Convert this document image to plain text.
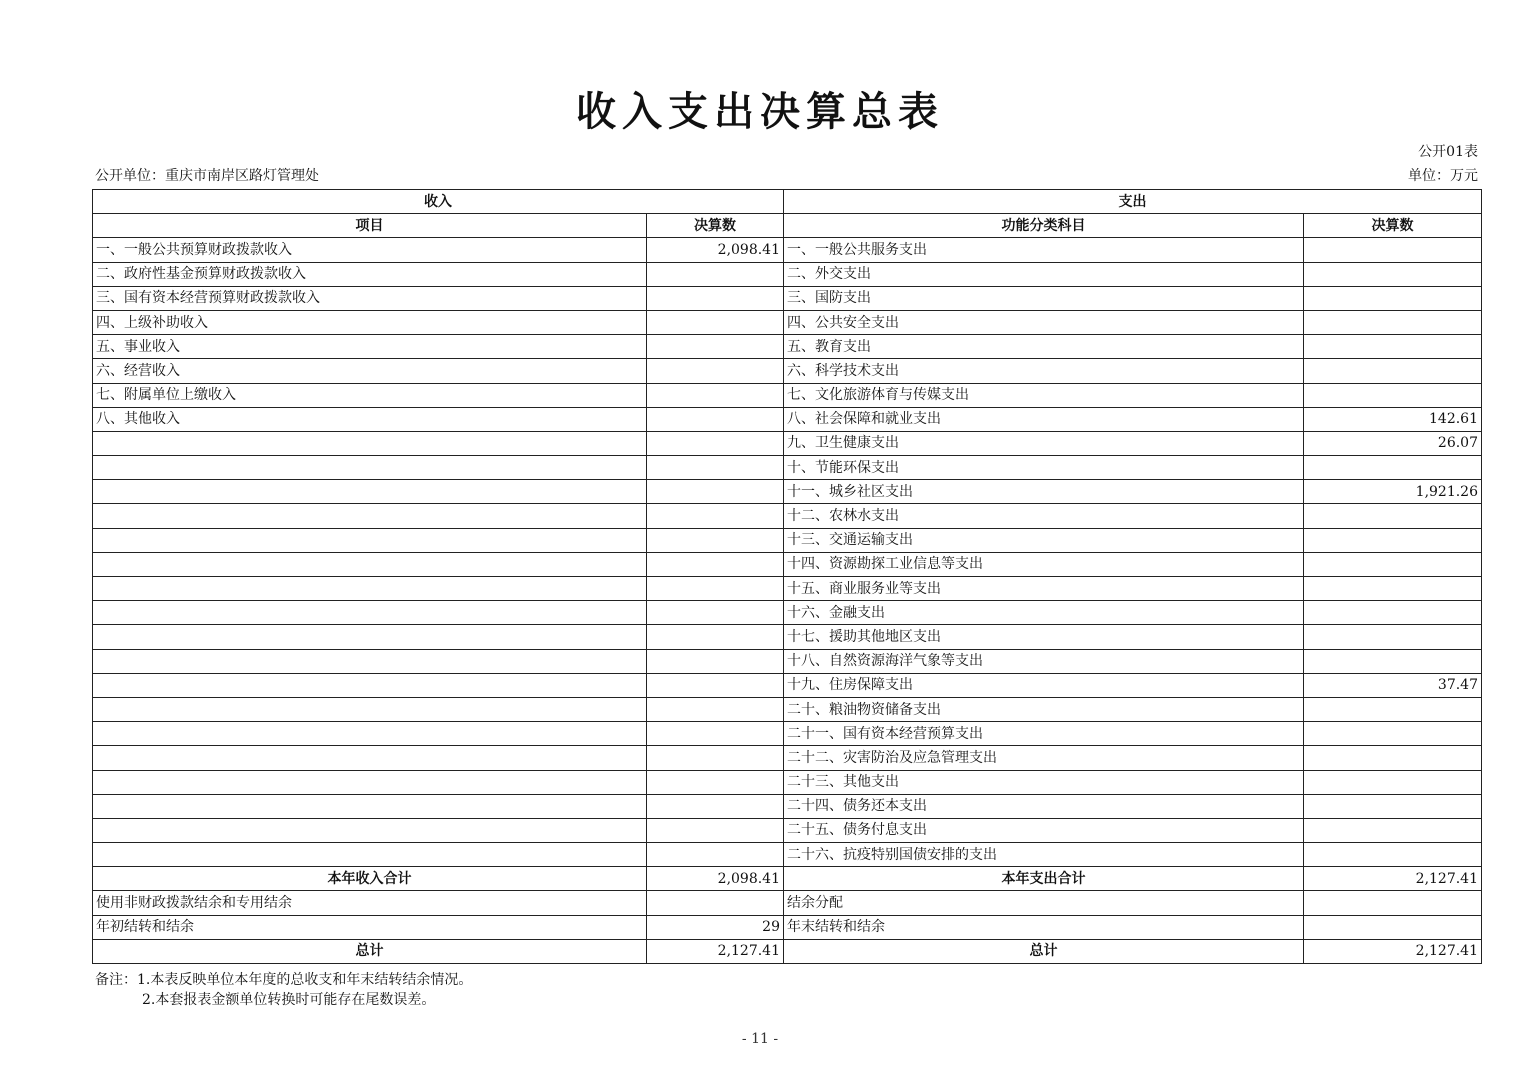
收入支出决算总表
公开01表
公开单位：重庆市南岸区路灯管理处	单位：万元
收入		支出	
项目	决算数	功能分类科目	决算数
一、一般公共预算财政拨款收入	2,098.41	一、一般公共服务支出	
二、政府性基金预算财政拨款收入		二、外交支出	
三、国有资本经营预算财政拨款收入		三、国防支出	
四、上级补助收入		四、公共安全支出	
五、事业收入		五、教育支出	
六、经营收入		六、科学技术支出	
七、附属单位上缴收入		七、文化旅游体育与传媒支出	
八、其他收入		八、社会保障和就业支出	142.61
		九、卫生健康支出	26.07
		十、节能环保支出	
		十一、城乡社区支出	1,921.26
		十二、农林水支出	
		十三、交通运输支出	
		十四、资源勘探工业信息等支出	
		十五、商业服务业等支出	
		十六、金融支出	
		十七、援助其他地区支出	
		十八、自然资源海洋气象等支出	
		十九、住房保障支出	37.47
		二十、粮油物资储备支出	
		二十一、国有资本经营预算支出	
		二十二、灾害防治及应急管理支出	
		二十三、其他支出	
		二十四、债务还本支出	
		二十五、债务付息支出	
		二十六、抗疫特别国债安排的支出	
本年收入合计	2,098.41	本年支出合计	2,127.41
使用非财政拨款结余和专用结余		结余分配	
年初结转和结余	29	年末结转和结余	
总计	2,127.41	总计	2,127.41
备注：1.本表反映单位本年度的总收支和年末结转结余情况。
2.本套报表金额单位转换时可能存在尾数误差。
- 11 -
